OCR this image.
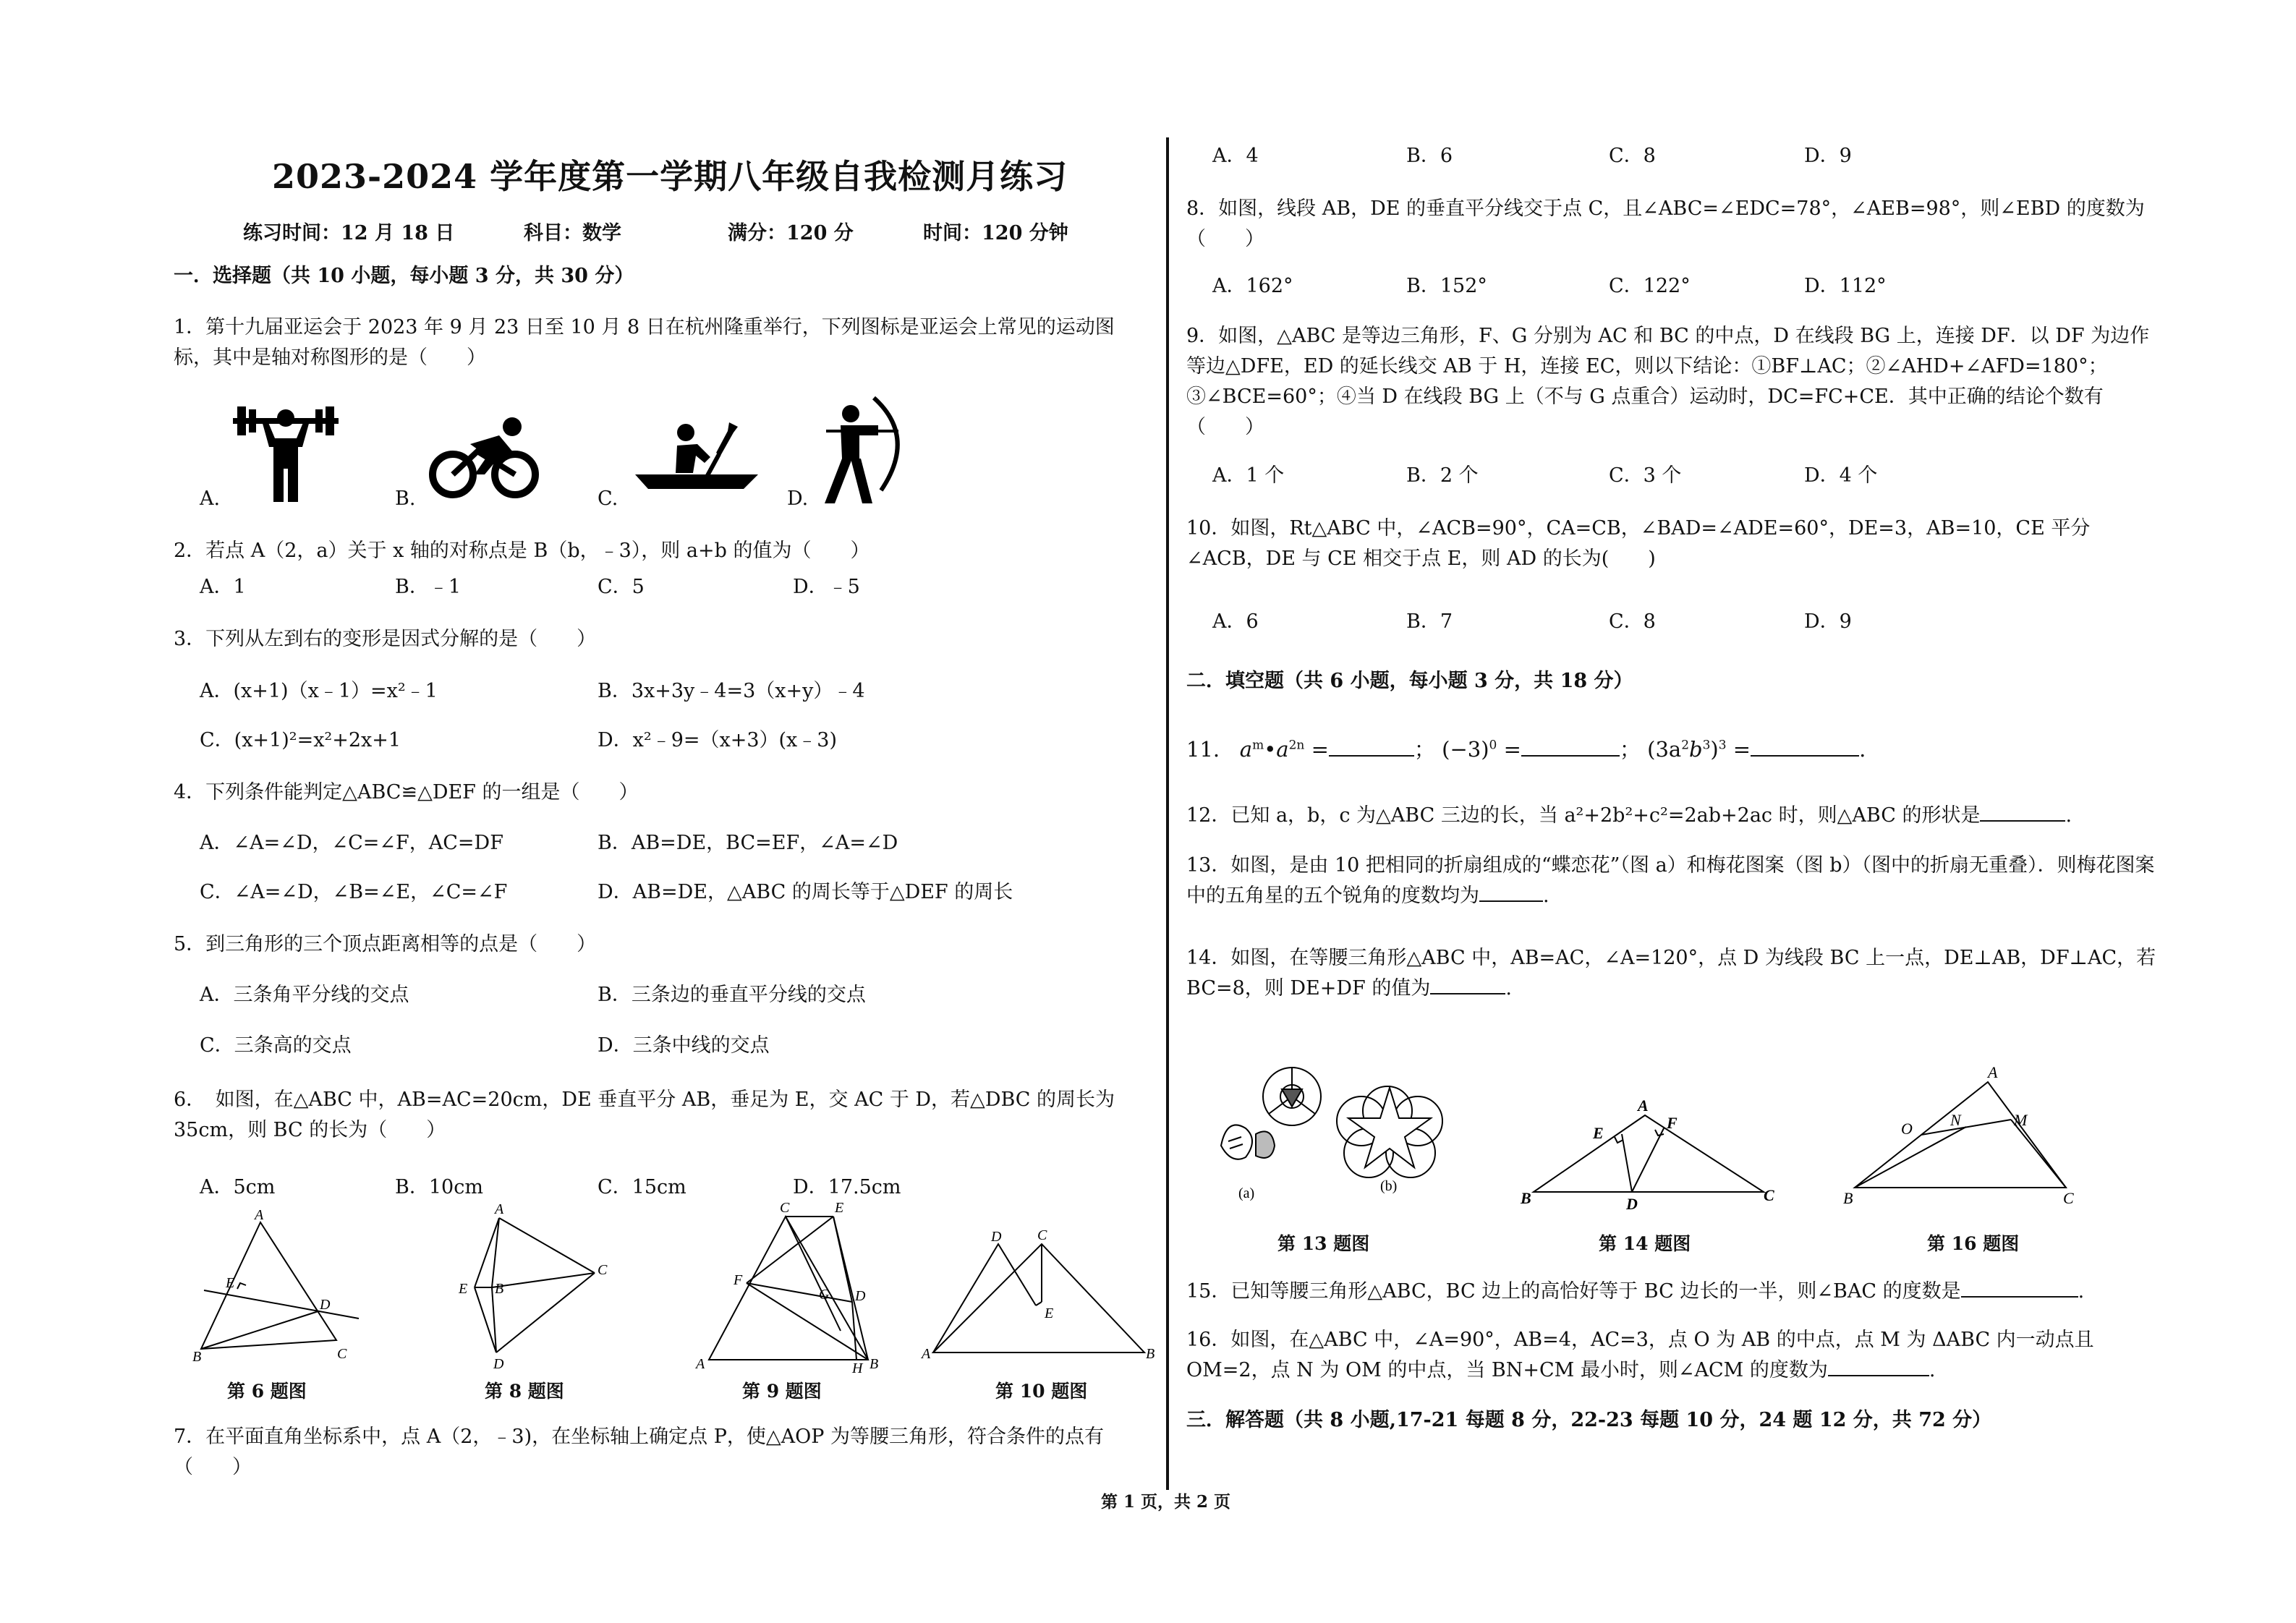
2023-2024 学年度第一学期八年级自我检测月练习
练习时间：12 月 18 日	科目：数学	满分：120 分	时间：120 分钟
一．选择题（共 10 小题，每小题 3 分，共 30 分）
1．第十九届亚运会于 2023 年 9 月 23 日至 10 月 8 日在杭州隆重举行，下列图标是亚运会上常见的运动图标，其中是轴对称图形的是（　　）
A.	B.	C.	D.
2．若点 A（2，a）关于 x 轴的对称点是 B（b，﹣3），则 a+b 的值为（　　）
A．1	B．﹣1	C．5	D．﹣5
3．下列从左到右的变形是因式分解的是（　　）
A．(x+1)（x﹣1）=x²﹣1	B．3x+3y﹣4=3（x+y）﹣4
C．(x+1)²=x²+2x+1	D．x²﹣9=（x+3）(x﹣3)
4．下列条件能判定△ABC≌△DEF 的一组是（　　）
A．∠A=∠D，∠C=∠F，AC=DF	B．AB=DE，BC=EF，∠A=∠D
C．∠A=∠D，∠B=∠E，∠C=∠F	D．AB=DE，△ABC 的周长等于△DEF 的周长
5．到三角形的三个顶点距离相等的点是（　　）
A．三条角平分线的交点	B．三条边的垂直平分线的交点
C．三条高的交点	D．三条中线的交点
6．　如图，在△ABC 中，AB=AC=20cm，DE 垂直平分 AB，垂足为 E，交 AC 于 D，若△DBC 的周长为 35cm，则 BC 的长为（　　）
A．5cm	B．10cm	C．15cm	D．17.5cm
A
B	C
D
E
第 6 题图
A
B
C
D
E
第 8 题图
A	B
C	E
F
G D
H
第 9 题图
A	B
C
D
E
第 10 题图
7．在平面直角坐标系中，点 A（2，﹣3)，在坐标轴上确定点 P，使△AOP 为等腰三角形，符合条件的点有（　　）
A．4	B．6	C．8	D．9
8．如图，线段 AB，DE 的垂直平分线交于点 C，且∠ABC=∠EDC=78°，∠AEB=98°，则∠EBD 的度数为（　　）
A．162°	B．152°	C．122°	D．112°
9．如图，△ABC 是等边三角形，F、G 分别为 AC 和 BC 的中点，D 在线段 BG 上，连接 DF．以 DF 为边作等边△DFE，ED 的延长线交 AB 于 H，连接 EC，则以下结论：①BF⊥AC；②∠AHD+∠AFD=180°；③∠BCE=60°；④当 D 在线段 BG 上（不与 G 点重合）运动时，DC=FC+CE．其中正确的结论个数有（　　）
A．1 个	B．2 个	C．3 个	D．4 个
10．如图，Rt△ABC 中，∠ACB=90°，CA=CB，∠BAD=∠ADE=60°，DE=3，AB=10，CE 平分∠ACB，DE 与 CE 相交于点 E，则 AD 的长为(　　)
A．6	B．7	C．8	D．9
二．填空题（共 6 小题，每小题 3 分，共 18 分）
11. $a^m•a^{2n}$ =	； $(-3)^0$ =	； $(3a^2b^3)^3$ =	.
12．已知 a，b，c 为△ABC 三边的长，当 a²+2b²+c²=2ab+2ac 时，则△ABC 的形状是	.
13．如图，是由 10 把相同的折扇组成的“蝶恋花”（图 a）和梅花图案（图 b）（图中的折扇无重叠）．则梅花图案中的五角星的五个锐角的度数均为	.
14．如图，在等腰三角形△ABC 中，AB=AC，∠A=120°，点 D 为线段 BC 上一点，DE⊥AB，DF⊥AC，若 BC=8，则 DE+DF 的值为	.
(a)	(b)
第 13 题图
B	C
A
D
E
F
第 14 题图
A
B	C
O N	M
第 16 题图
15．已知等腰三角形△ABC，BC 边上的高恰好等于 BC 边长的一半，则∠BAC 的度数是	.
16．如图，在△ABC 中，∠A=90°，AB=4，AC=3，点 O 为 AB 的中点，点 M 为 ΔABC 内一动点且 OM=2，点 N 为 OM 的中点，当 BN+CM 最小时，则∠ACM 的度数为	.
三．解答题（共 8 小题,17-21 每题 8 分，22-23 每题 10 分，24 题 12 分，共 72 分）
第 1 页，共 2 页
